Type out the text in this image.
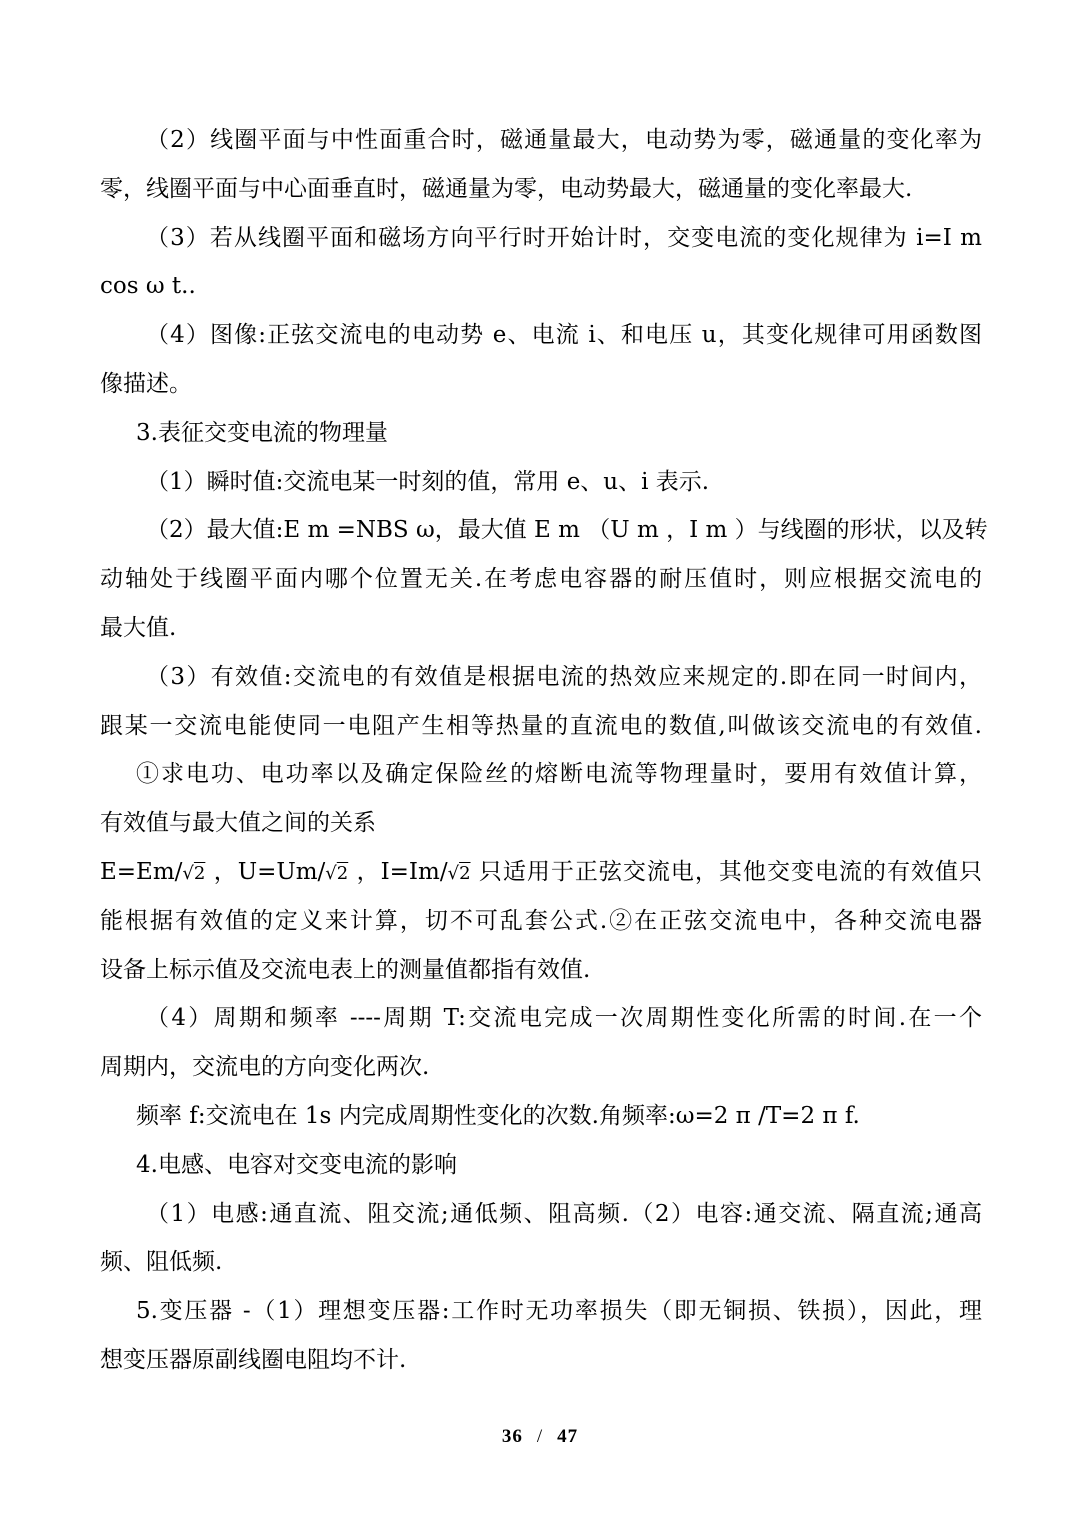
（2）线圈平面与中性面重合时，磁通量最大，电动势为零，磁通量的变化率为
零，线圈平面与中心面垂直时，磁通量为零，电动势最大，磁通量的变化率最大.
（3）若从线圈平面和磁场方向平行时开始计时，交变电流的变化规律为 i=I m
cos ω t..
（4）图像:正弦交流电的电动势 e、电流 i、和电压 u，其变化规律可用函数图
像描述。
3.表征交变电流的物理量
（1）瞬时值:交流电某一时刻的值，常用 e、u、i 表示.
（2）最大值:E m =NBS ω，最大值 E m （U m ，I m ）与线圈的形状，以及转
动轴处于线圈平面内哪个位置无关.在考虑电容器的耐压值时，则应根据交流电的
最大值.
（3）有效值:交流电的有效值是根据电流的热效应来规定的.即在同一时间内，
跟某一交流电能使同一电阻产生相等热量的直流电的数值,叫做该交流电的有效值.
①求电功、电功率以及确定保险丝的熔断电流等物理量时，要用有效值计算，
有效值与最大值之间的关系
E=Em/√2 ，U=Um/√2 ，I=Im/√2 只适用于正弦交流电，其他交变电流的有效值只
能根据有效值的定义来计算，切不可乱套公式.②在正弦交流电中，各种交流电器
设备上标示值及交流电表上的测量值都指有效值.
（4）周期和频率 ----周期 T:交流电完成一次周期性变化所需的时间.在一个
周期内，交流电的方向变化两次.
频率 f:交流电在 1s 内完成周期性变化的次数.角频率:ω=2 π /T=2 π f.
4.电感、电容对交变电流的影响
（1）电感:通直流、阻交流;通低频、阻高频.（2）电容:通交流、隔直流;通高
频、阻低频.
5.变压器 -（1）理想变压器:工作时无功率损失（即无铜损、铁损），因此，理
想变压器原副线圈电阻均不计.
36 / 47
